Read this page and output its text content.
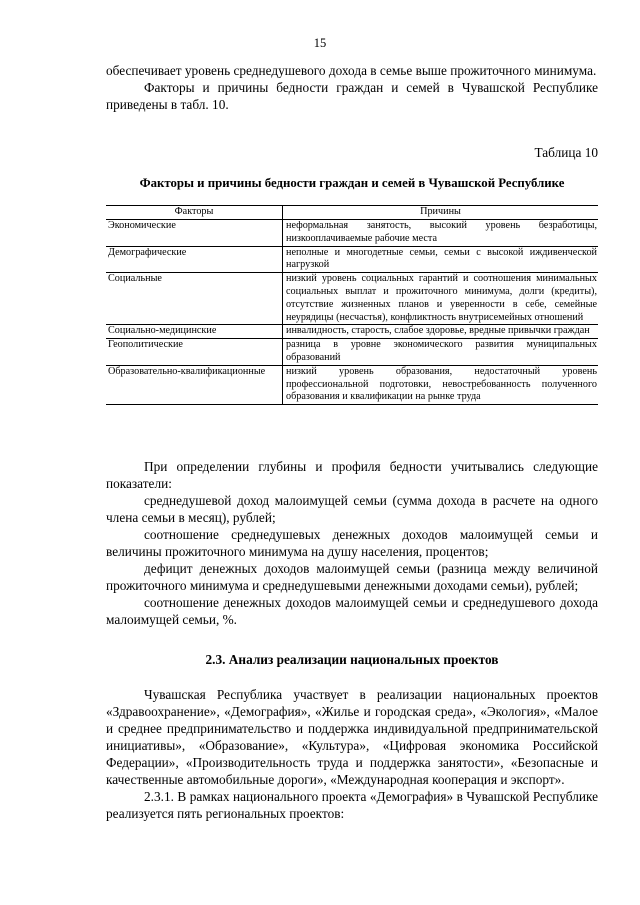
15

обеспечивает уровень среднедушевого дохода в семье выше прожиточного минимума.

Факторы и причины бедности граждан и семей в Чувашской Республике приведены в табл. 10.

Таблица 10
Факторы и причины бедности граждан и семей в Чувашской Республике
Факторы	Причины
Экономические	неформальная занятость, высокий уровень безработицы, низкооплачиваемые рабочие места
Демографические	неполные и многодетные семьи, семьи с высокой иждивенческой нагрузкой
Социальные	низкий уровень социальных гарантий и соотношения минимальных социальных выплат и прожиточного минимума, долги (кредиты), отсутствие жизненных планов и уверенности в себе, семейные неурядицы (несчастья), конфликтность внутрисемейных отношений
Социально-медицинские	инвалидность, старость, слабое здоровье, вредные привычки граждан
Геополитические	разница в уровне экономического развития муниципальных образований
Образовательно-квалификационные	низкий уровень образования, недостаточный уровень профессиональной подготовки, невостребованность полученного образования и квалификации на рынке труда

При определении глубины и профиля бедности учитывались следующие показатели:

среднедушевой доход малоимущей семьи (сумма дохода в расчете на одного члена семьи в месяц), рублей;

соотношение среднедушевых денежных доходов малоимущей семьи и величины прожиточного минимума на душу населения, процентов;

дефицит денежных доходов малоимущей семьи (разница между величиной прожиточного минимума и среднедушевыми денежными доходами семьи), рублей;

соотношение денежных доходов малоимущей семьи и среднедушевого дохода малоимущей семьи, %.

2.3. Анализ реализации национальных проектов

Чувашская Республика участвует в реализации национальных проектов «Здравоохранение», «Демография», «Жилье и городская среда», «Экология», «Малое и среднее предпринимательство и поддержка индивидуальной предпринимательской инициативы», «Образование», «Культура», «Цифровая экономика Российской Федерации», «Производительность труда и поддержка занятости», «Безопасные и качественные автомобильные дороги», «Международная кооперация и экспорт».

2.3.1. В рамках национального проекта «Демография» в Чувашской Республике реализуется пять региональных проектов:
